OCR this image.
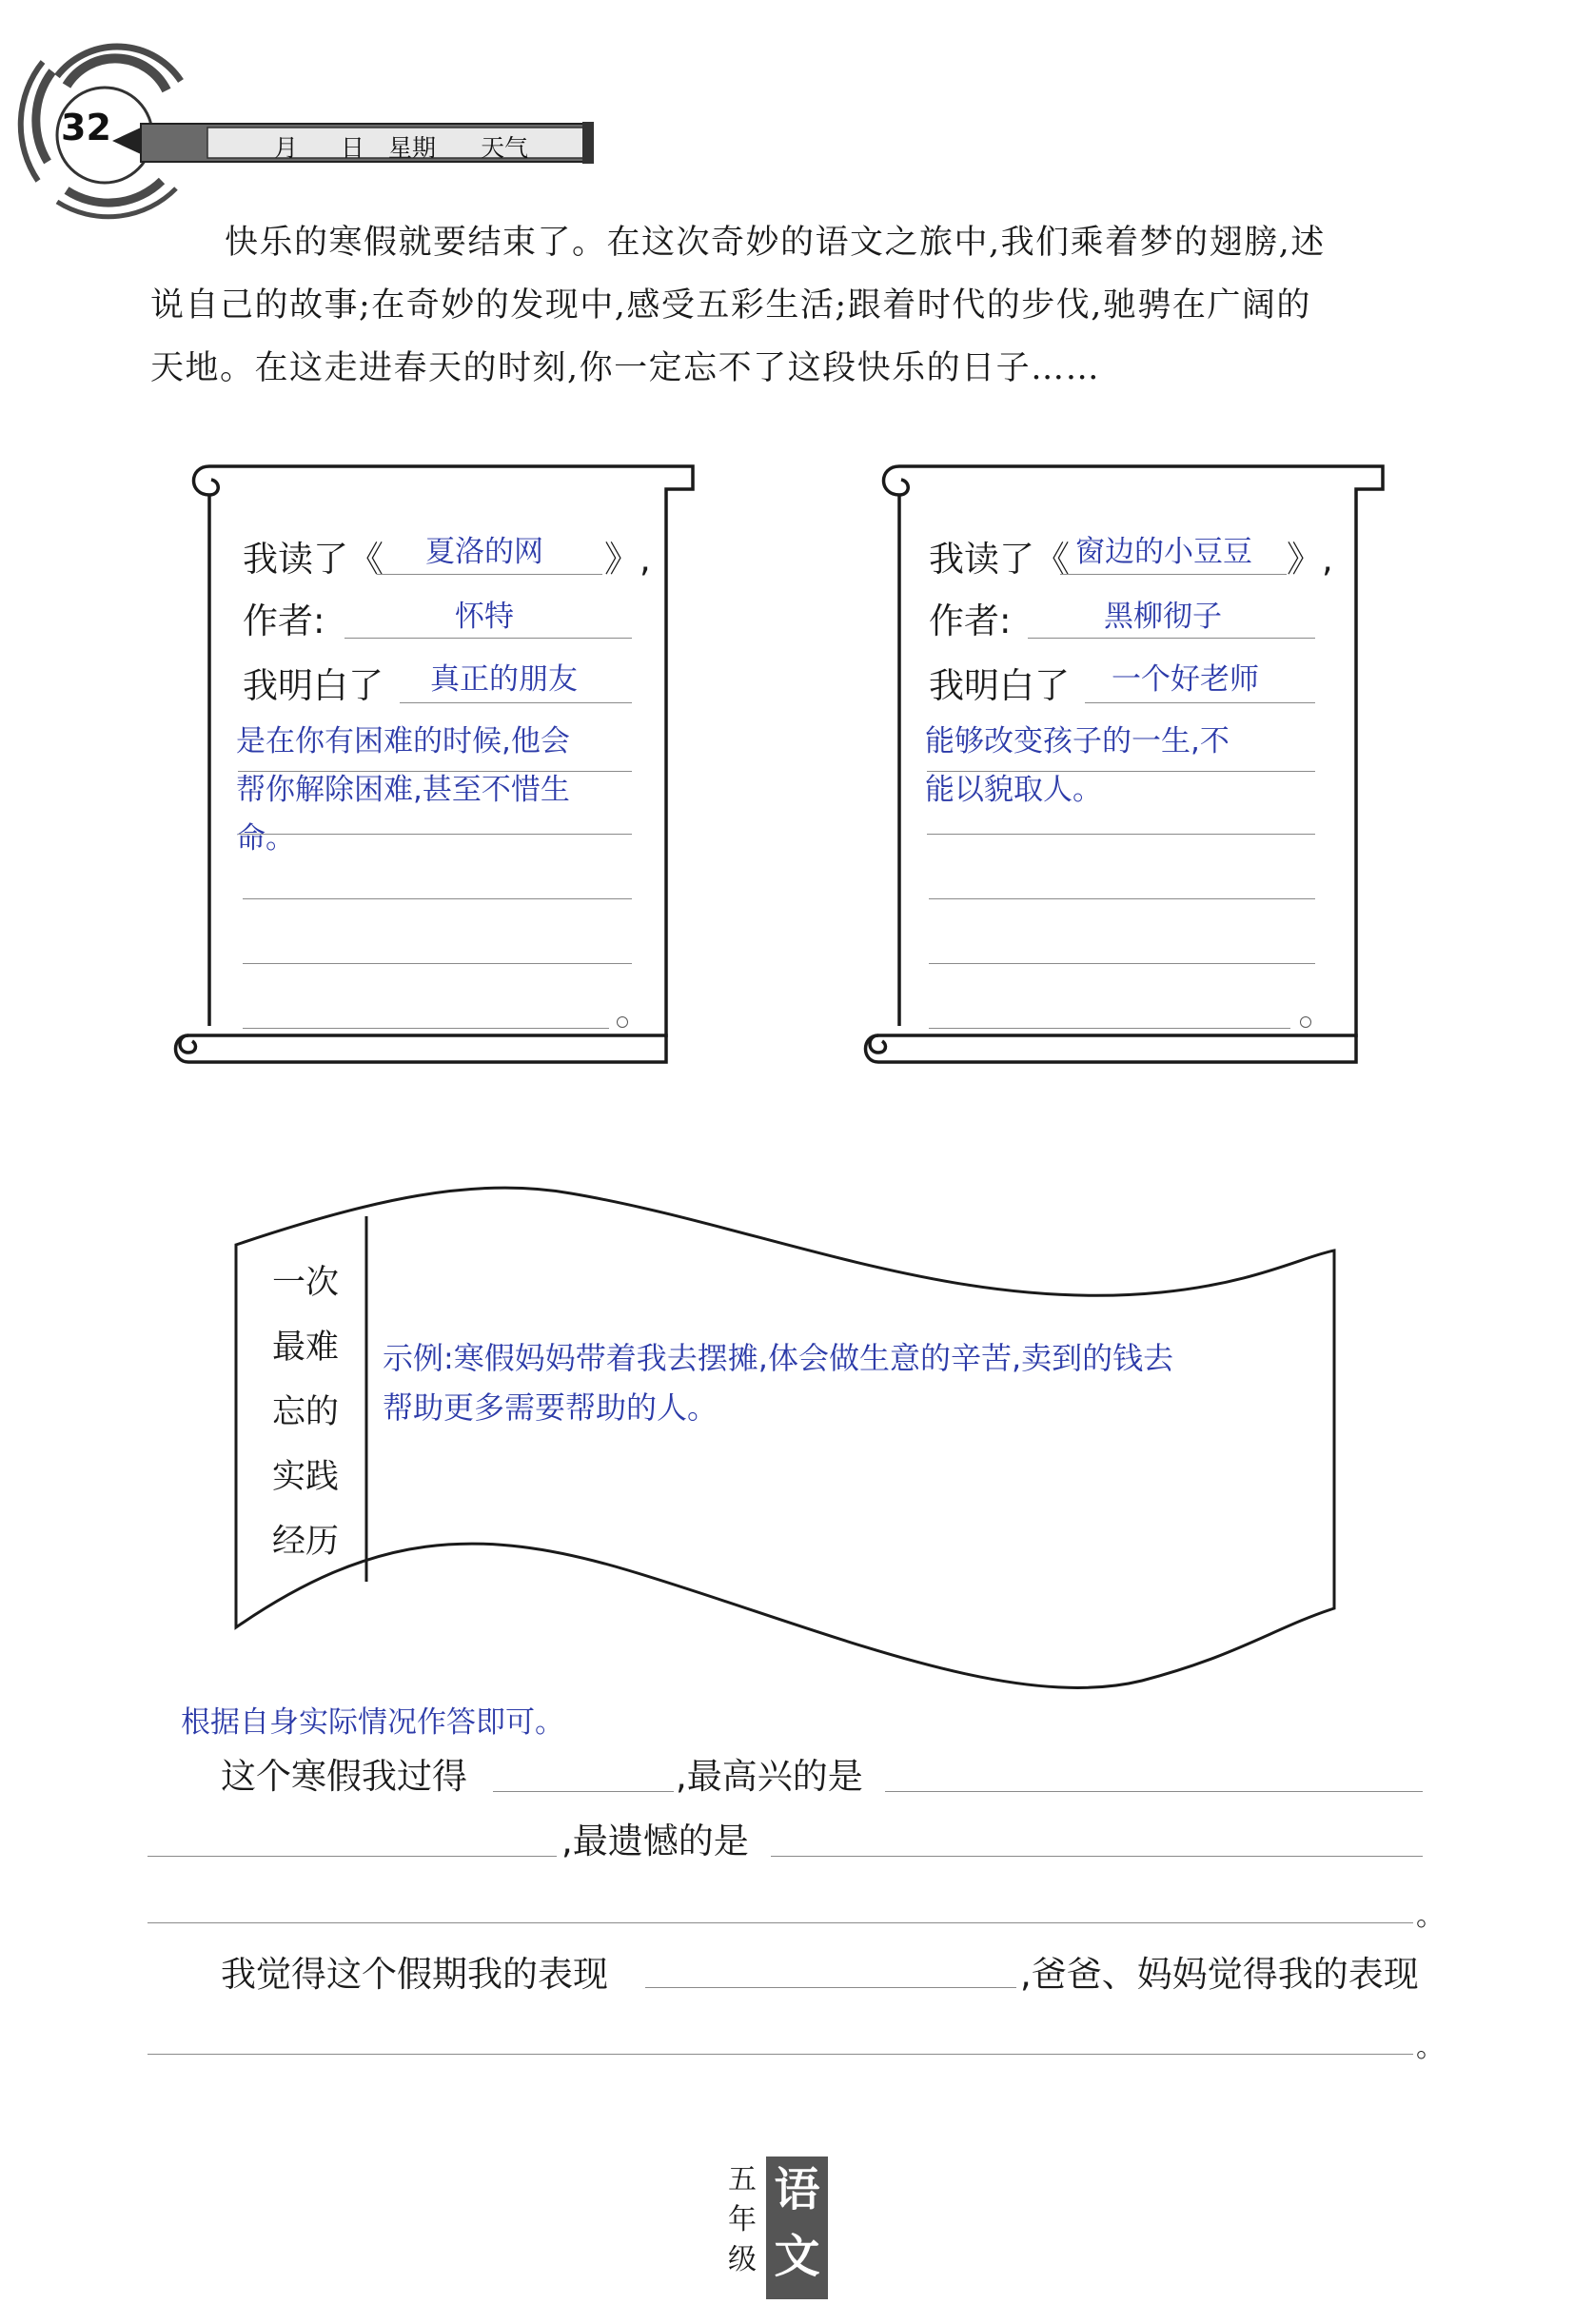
32	月 日 星期 天气
快乐的寒假就要结束了。在这次奇妙的语文之旅中,我们乘着梦的翅膀,述
说自己的故事;在奇妙的发现中,感受五彩生活;跟着时代的步伐,驰骋在广阔的
天地。在这走进春天的时刻,你一定忘不了这段快乐的日子……
我读了《 夏洛的网 》,
作者:	怀特
我明白了 真正的朋友
是在你有困难的时候,他会
帮你解除困难,甚至不惜生
命。
我读了《 窗边的小豆豆 》,
作者:	黑柳彻子
我明白了 一个好老师
能够改变孩子的一生,不
能以貌取人。
一次
最难
忘的
实践
经历
示例:寒假妈妈带着我去摆摊,体会做生意的辛苦,卖到的钱去
帮助更多需要帮助的人。
根据自身实际情况作答即可。
这个寒假我过得	,最高兴的是
,最遗憾的是
。
我觉得这个假期我的表现	,爸爸、妈妈觉得我的表现
。
五
年
级
语
文
